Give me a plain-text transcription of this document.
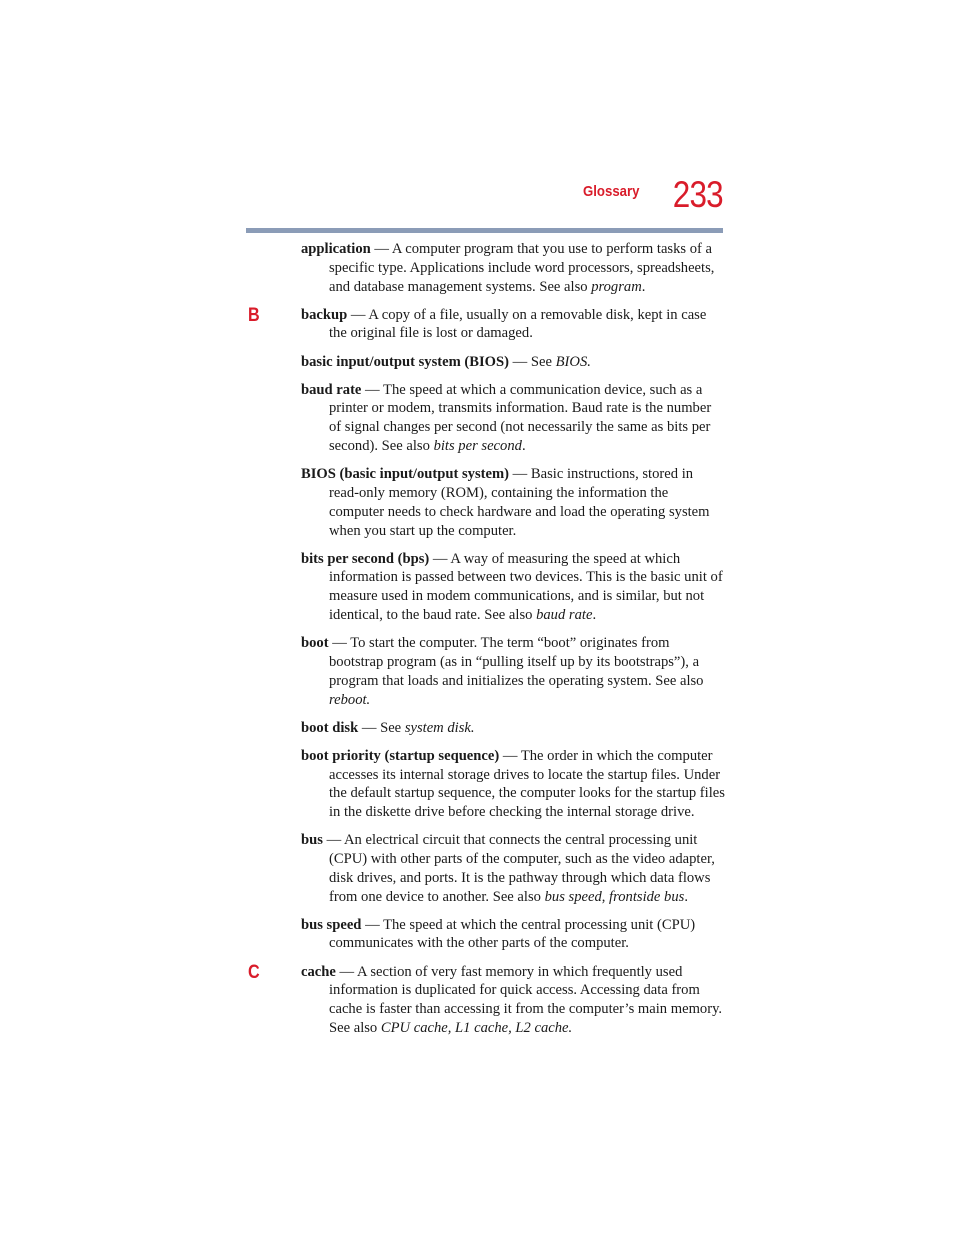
Glossary 233

application — A computer program that you use to perform tasks of a specific type. Applications include word processors, spreadsheets, and database management systems. See also program.

B	backup — A copy of a file, usually on a removable disk, kept in case the original file is lost or damaged.

basic input/output system (BIOS) — See BIOS.

baud rate — The speed at which a communication device, such as a printer or modem, transmits information. Baud rate is the number of signal changes per second (not necessarily the same as bits per second). See also bits per second.

BIOS (basic input/output system) — Basic instructions, stored in read-only memory (ROM), containing the information the computer needs to check hardware and load the operating system when you start up the computer.

bits per second (bps) — A way of measuring the speed at which information is passed between two devices. This is the basic unit of measure used in modem communications, and is similar, but not identical, to the baud rate. See also baud rate.

boot — To start the computer. The term “boot” originates from bootstrap program (as in “pulling itself up by its bootstraps”), a program that loads and initializes the operating system. See also reboot.

boot disk — See system disk.

boot priority (startup sequence) — The order in which the computer accesses its internal storage drives to locate the startup files. Under the default startup sequence, the computer looks for the startup files in the diskette drive before checking the internal storage drive.

bus — An electrical circuit that connects the central processing unit (CPU) with other parts of the computer, such as the video adapter, disk drives, and ports. It is the pathway through which data flows from one device to another. See also bus speed, frontside bus.

bus speed — The speed at which the central processing unit (CPU) communicates with the other parts of the computer.

C	cache — A section of very fast memory in which frequently used information is duplicated for quick access. Accessing data from cache is faster than accessing it from the computer’s main memory. See also CPU cache, L1 cache, L2 cache.
